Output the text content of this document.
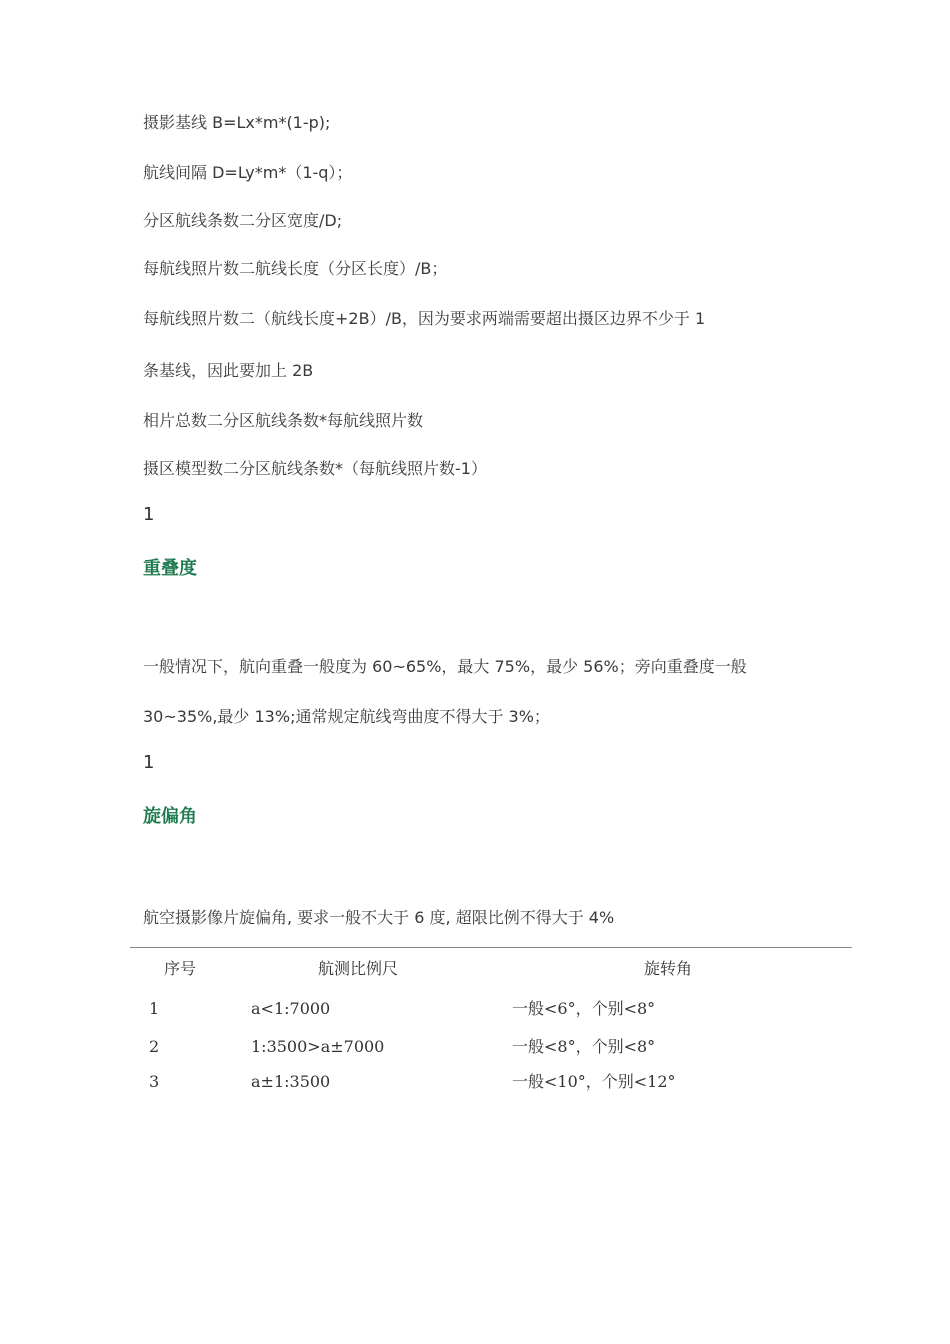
摄影基线 B=Lx*m*(1-p);
航线间隔 D=Ly*m*（1-q）；
分区航线条数二分区宽度/D;
每航线照片数二航线长度（分区长度）/B；
每航线照片数二（航线长度+2B）/B，因为要求两端需要超出摄区边界不少于 1
条基线，因此要加上 2B
相片总数二分区航线条数*每航线照片数
摄区模型数二分区航线条数*（每航线照片数-1）
1
重叠度
一般情况下，航向重叠一般度为 60~65%，最大 75%，最少 56%；旁向重叠度一般
30~35%,最少 13%;通常规定航线弯曲度不得大于 3%；
1
旋偏角
航空摄影像片旋偏角, 要求一般不大于 6 度, 超限比例不得大于 4%
序号	航测比例尺	旋转角
1	a<1:7000	一般<6°，个别<8°
2	1:3500>a±7000	一般<8°，个别<8°
3	a±1:3500	一般<10°，个别<12°
